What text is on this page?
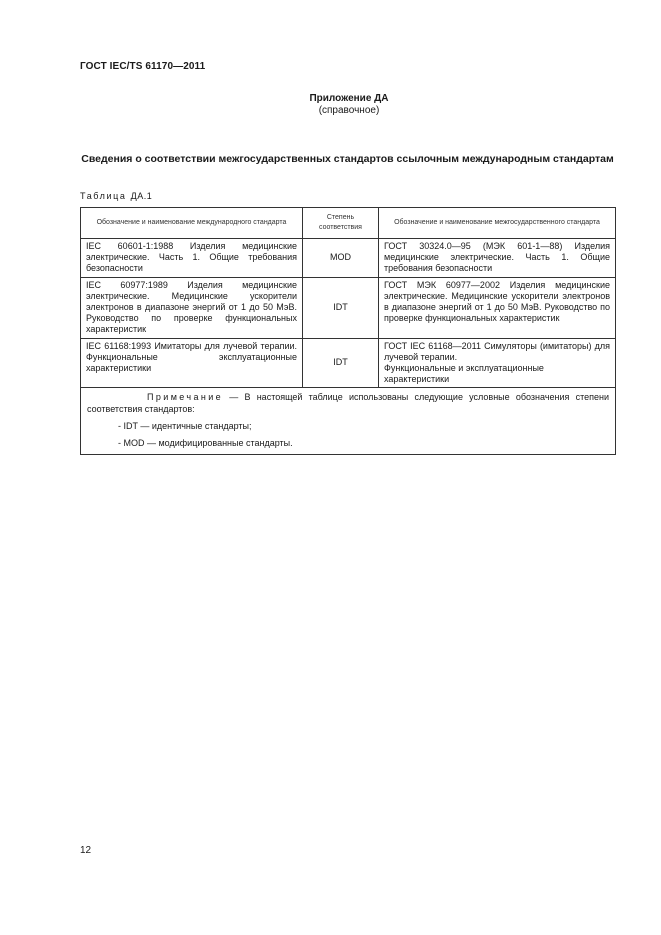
ГОСТ IEC/TS 61170—2011
Приложение ДА
(справочное)
Сведения о соответствии межгосударственных стандартов ссылочным международным стандартам
Таблица ДА.1
Обозначение и наименование международного стандарта	Степень соответствия	Обозначение и наименование межгосударственного стандарта
IEC 60601-1:1988 Изделия медицинские электрические. Часть 1. Общие требования безопасности	MOD	ГОСТ 30324.0—95 (МЭК 601-1—88) Изделия медицинские электрические. Часть 1. Общие требования безопасности
IEC 60977:1989 Изделия медицинские электрические. Медицинские ускорители электронов в диапазоне энергий от 1 до 50 МэВ. Руководство по проверке функциональных характеристик	IDT	ГОСТ МЭК 60977—2002 Изделия медицинские электрические. Медицинские ускорители электронов в диапазоне энергий от 1 до 50 МэВ. Руководство по проверке функциональных характеристик
IEC 61168:1993 Имитаторы для лучевой терапии. Функциональные эксплуатационные характеристики	IDT	ГОСТ IEC 61168—2011 Симуляторы (имитаторы) для лучевой терапии.
Функциональные и эксплуатационные характеристики

Примечание — В настоящей таблице использованы следующие условные обозначения степени соответствия стандартов:
- IDT — идентичные стандарты;
- MOD — модифицированные стандарты.		
12
